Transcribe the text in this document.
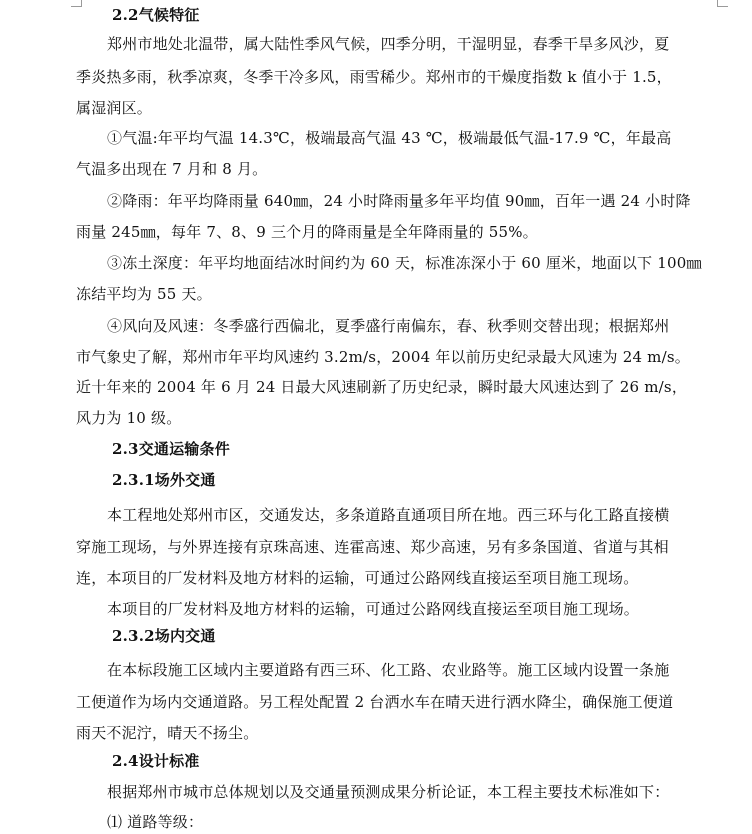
2.2气候特征
郑州市地处北温带，属大陆性季风气候，四季分明，干湿明显，春季干旱多风沙，夏
季炎热多雨，秋季凉爽，冬季干冷多风，雨雪稀少。郑州市的干燥度指数 k 值小于 1.5，
属湿润区。
①气温:年平均气温 14.3℃，极端最高气温 43 ℃，极端最低气温-17.9 ℃，年最高
气温多出现在 7 月和 8 月。
②降雨：年平均降雨量 640㎜，24 小时降雨量多年平均值 90㎜，百年一遇 24 小时降
雨量 245㎜，每年 7、8、9 三个月的降雨量是全年降雨量的 55%。
③冻土深度：年平均地面结冰时间约为 60 天，标准冻深小于 60 厘米，地面以下 100㎜
冻结平均为 55 天。
④风向及风速：冬季盛行西偏北，夏季盛行南偏东，春、秋季则交替出现；根据郑州
市气象史了解，郑州市年平均风速约 3.2m/s，2004 年以前历史纪录最大风速为 24 m/s。
近十年来的 2004 年 6 月 24 日最大风速刷新了历史纪录，瞬时最大风速达到了 26 m/s，
风力为 10 级。
2.3交通运输条件
2.3.1场外交通
本工程地处郑州市区，交通发达，多条道路直通项目所在地。西三环与化工路直接横
穿施工现场，与外界连接有京珠高速、连霍高速、郑少高速，另有多条国道、省道与其相
连，本项目的厂发材料及地方材料的运输，可通过公路网线直接运至项目施工现场。
本项目的厂发材料及地方材料的运输，可通过公路网线直接运至项目施工现场。
2.3.2场内交通
在本标段施工区域内主要道路有西三环、化工路、农业路等。施工区域内设置一条施
工便道作为场内交通道路。另工程处配置 2 台洒水车在晴天进行洒水降尘，确保施工便道
雨天不泥泞，晴天不扬尘。
2.4设计标准
根据郑州市城市总体规划以及交通量预测成果分析论证，本工程主要技术标准如下：
⑴ 道路等级：
